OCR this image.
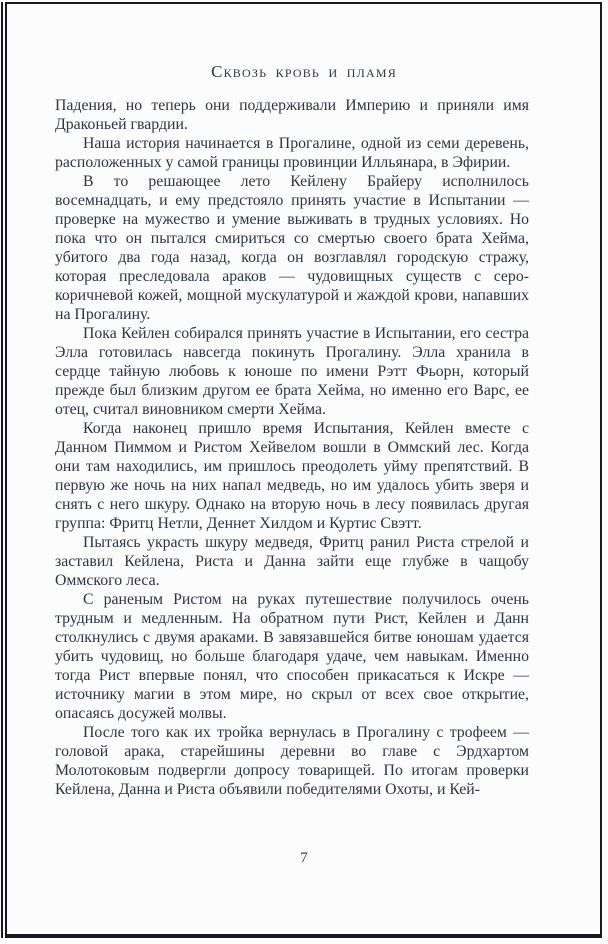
Сквозь кровь и пламя

Падения, но теперь они поддерживали Империю и приняли имя Драконьей гвардии.

Наша история начинается в Прогалине, одной из семи деревень, расположенных у самой границы провинции Илльянара, в Эфирии.

В то решающее лето Кейлену Брайеру исполнилось восемнадцать, и ему предстояло принять участие в Испытании — проверке на мужество и умение выживать в трудных условиях. Но пока что он пытался смириться со смертью своего брата Хейма, убитого два года назад, когда он возглавлял городскую стражу, которая преследовала араков — чудовищных существ с серо-коричневой кожей, мощной мускулатурой и жаждой крови, напавших на Прогалину.

Пока Кейлен собирался принять участие в Испытании, его сестра Элла готовилась навсегда покинуть Прогалину. Элла хранила в сердце тайную любовь к юноше по имени Рэтт Фьорн, который прежде был близким другом ее брата Хейма, но именно его Варс, ее отец, считал виновником смерти Хейма.

Когда наконец пришло время Испытания, Кейлен вместе с Данном Пиммом и Ристом Хейвелом вошли в Оммский лес. Когда они там находились, им пришлось преодолеть уйму препятствий. В первую же ночь на них напал медведь, но им удалось убить зверя и снять с него шкуру. Однако на вторую ночь в лесу появилась другая группа: Фритц Нетли, Деннет Хилдом и Куртис Свэтт.

Пытаясь украсть шкуру медведя, Фритц ранил Риста стрелой и заставил Кейлена, Риста и Данна зайти еще глубже в чащобу Оммского леса.

С раненым Ристом на руках путешествие получилось очень трудным и медленным. На обратном пути Рист, Кейлен и Данн столкнулись с двумя араками. В завязавшейся битве юношам удается убить чудовищ, но больше благодаря удаче, чем навыкам. Именно тогда Рист впервые понял, что способен прикасаться к Искре — источнику магии в этом мире, но скрыл от всех свое открытие, опасаясь досужей молвы.

После того как их тройка вернулась в Прогалину с трофеем — головой арака, старейшины деревни во главе с Эрдхартом Молотоковым подвергли допросу товарищей. По итогам проверки Кейлена, Данна и Риста объявили победителями Охоты, и Кей-

7
